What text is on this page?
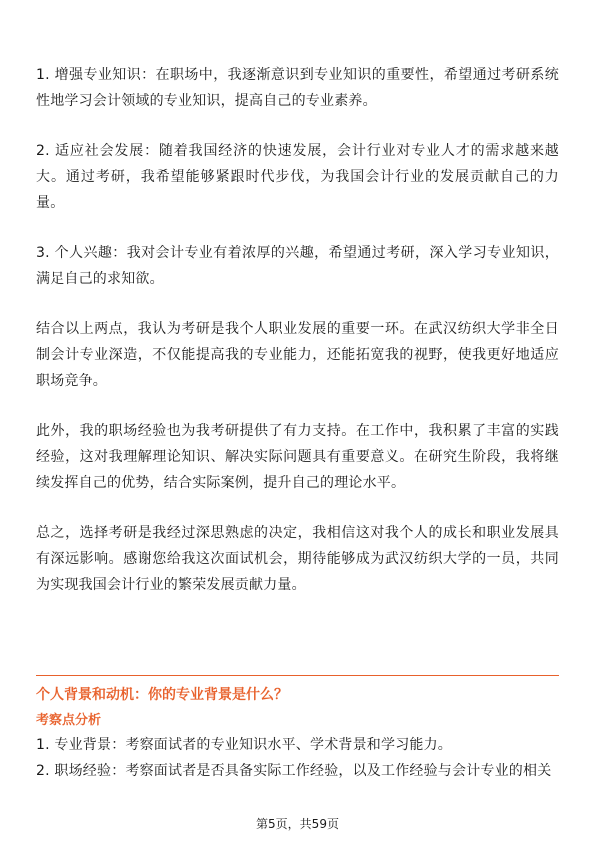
1. 增强专业知识：在职场中，我逐渐意识到专业知识的重要性，希望通过考研系统性地学习会计领域的专业知识，提高自己的专业素养。

2. 适应社会发展：随着我国经济的快速发展，会计行业对专业人才的需求越来越大。通过考研，我希望能够紧跟时代步伐，为我国会计行业的发展贡献自己的力量。

3. 个人兴趣：我对会计专业有着浓厚的兴趣，希望通过考研，深入学习专业知识，满足自己的求知欲。

结合以上两点，我认为考研是我个人职业发展的重要一环。在武汉纺织大学非全日制会计专业深造，不仅能提高我的专业能力，还能拓宽我的视野，使我更好地适应职场竞争。

此外，我的职场经验也为我考研提供了有力支持。在工作中，我积累了丰富的实践经验，这对我理解理论知识、解决实际问题具有重要意义。在研究生阶段，我将继续发挥自己的优势，结合实际案例，提升自己的理论水平。

总之，选择考研是我经过深思熟虑的决定，我相信这对我个人的成长和职业发展具有深远影响。感谢您给我这次面试机会，期待能够成为武汉纺织大学的一员，共同为实现我国会计行业的繁荣发展贡献力量。

个人背景和动机：你的专业背景是什么？

考察点分析

1. 专业背景：考察面试者的专业知识水平、学术背景和学习能力。

2. 职场经验：考察面试者是否具备实际工作经验，以及工作经验与会计专业的相关

第5页，共59页
